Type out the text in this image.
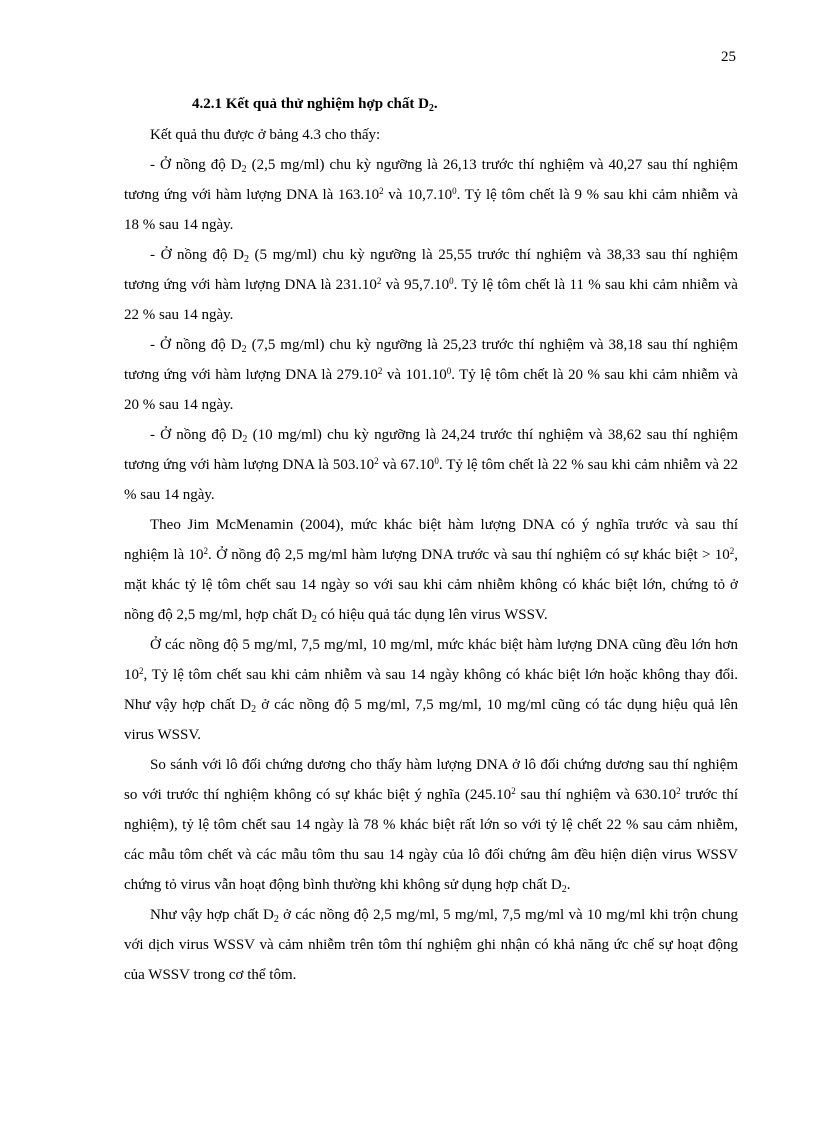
25
4.2.1 Kết quả thử nghiệm hợp chất $D_2$.

Kết quả thu được ở bảng 4.3 cho thấy:

- Ở nồng độ $D_2$ (2,5 mg/ml) chu kỳ ngưỡng là 26,13 trước thí nghiệm và 40,27 sau thí nghiệm tương ứng với hàm lượng DNA là 163.10$^2$ và 10,7.10$^0$. Tỷ lệ tôm chết là 9 % sau khi cảm nhiễm và 18 % sau 14 ngày.

- Ở nồng độ $D_2$ (5 mg/ml) chu kỳ ngưỡng là 25,55 trước thí nghiệm và 38,33 sau thí nghiệm tương ứng với hàm lượng DNA là 231.10$^2$ và 95,7.10$^0$. Tỷ lệ tôm chết là 11 % sau khi cảm nhiễm và 22 % sau 14 ngày.

- Ở nồng độ $D_2$ (7,5 mg/ml) chu kỳ ngưỡng là 25,23 trước thí nghiệm và 38,18 sau thí nghiệm tương ứng với hàm lượng DNA là 279.10$^2$ và 101.10$^0$. Tỷ lệ tôm chết là 20 % sau khi cảm nhiễm và 20 % sau 14 ngày.

- Ở nồng độ $D_2$ (10 mg/ml) chu kỳ ngưỡng là 24,24 trước thí nghiệm và 38,62 sau thí nghiệm tương ứng với hàm lượng DNA là 503.10$^2$ và 67.10$^0$. Tỷ lệ tôm chết là 22 % sau khi cảm nhiễm và 22 % sau 14 ngày.

Theo Jim McMenamin (2004), mức khác biệt hàm lượng DNA có ý nghĩa trước và sau thí nghiệm là $10^2$. Ở nồng độ 2,5 mg/ml hàm lượng DNA trước và sau thí nghiệm có sự khác biệt > $10^2$, mặt khác tỷ lệ tôm chết sau 14 ngày so với sau khi cảm nhiễm không có khác biệt lớn, chứng tỏ ở nồng độ 2,5 mg/ml, hợp chất $D_2$ có hiệu quả tác dụng lên virus WSSV.

Ở các nồng độ 5 mg/ml, 7,5 mg/ml, 10 mg/ml, mức khác biệt hàm lượng DNA cũng đều lớn hơn $10^2$, Tỷ lệ tôm chết sau khi cảm nhiễm và sau 14 ngày không có khác biệt lớn hoặc không thay đổi. Như vậy hợp chất $D_2$ ở các nồng độ 5 mg/ml, 7,5 mg/ml, 10 mg/ml cũng có tác dụng hiệu quả lên virus WSSV.

So sánh với lô đối chứng dương cho thấy hàm lượng DNA ở lô đối chứng dương sau thí nghiệm so với trước thí nghiệm không có sự khác biệt ý nghĩa (245.10$^2$ sau thí nghiệm và 630.10$^2$ trước thí nghiệm), tỷ lệ tôm chết sau 14 ngày là 78 % khác biệt rất lớn so với tỷ lệ chết 22 % sau cảm nhiễm, các mẫu tôm chết và các mẫu tôm thu sau 14 ngày của lô đối chứng âm đều hiện diện virus WSSV chứng tỏ virus vẫn hoạt động bình thường khi không sử dụng hợp chất $D_2$.

Như vậy hợp chất $D_2$ ở các nồng độ 2,5 mg/ml, 5 mg/ml, 7,5 mg/ml và 10 mg/ml khi trộn chung với dịch virus WSSV và cảm nhiễm trên tôm thí nghiệm ghi nhận có khả năng ức chế sự hoạt động của WSSV trong cơ thể tôm.
